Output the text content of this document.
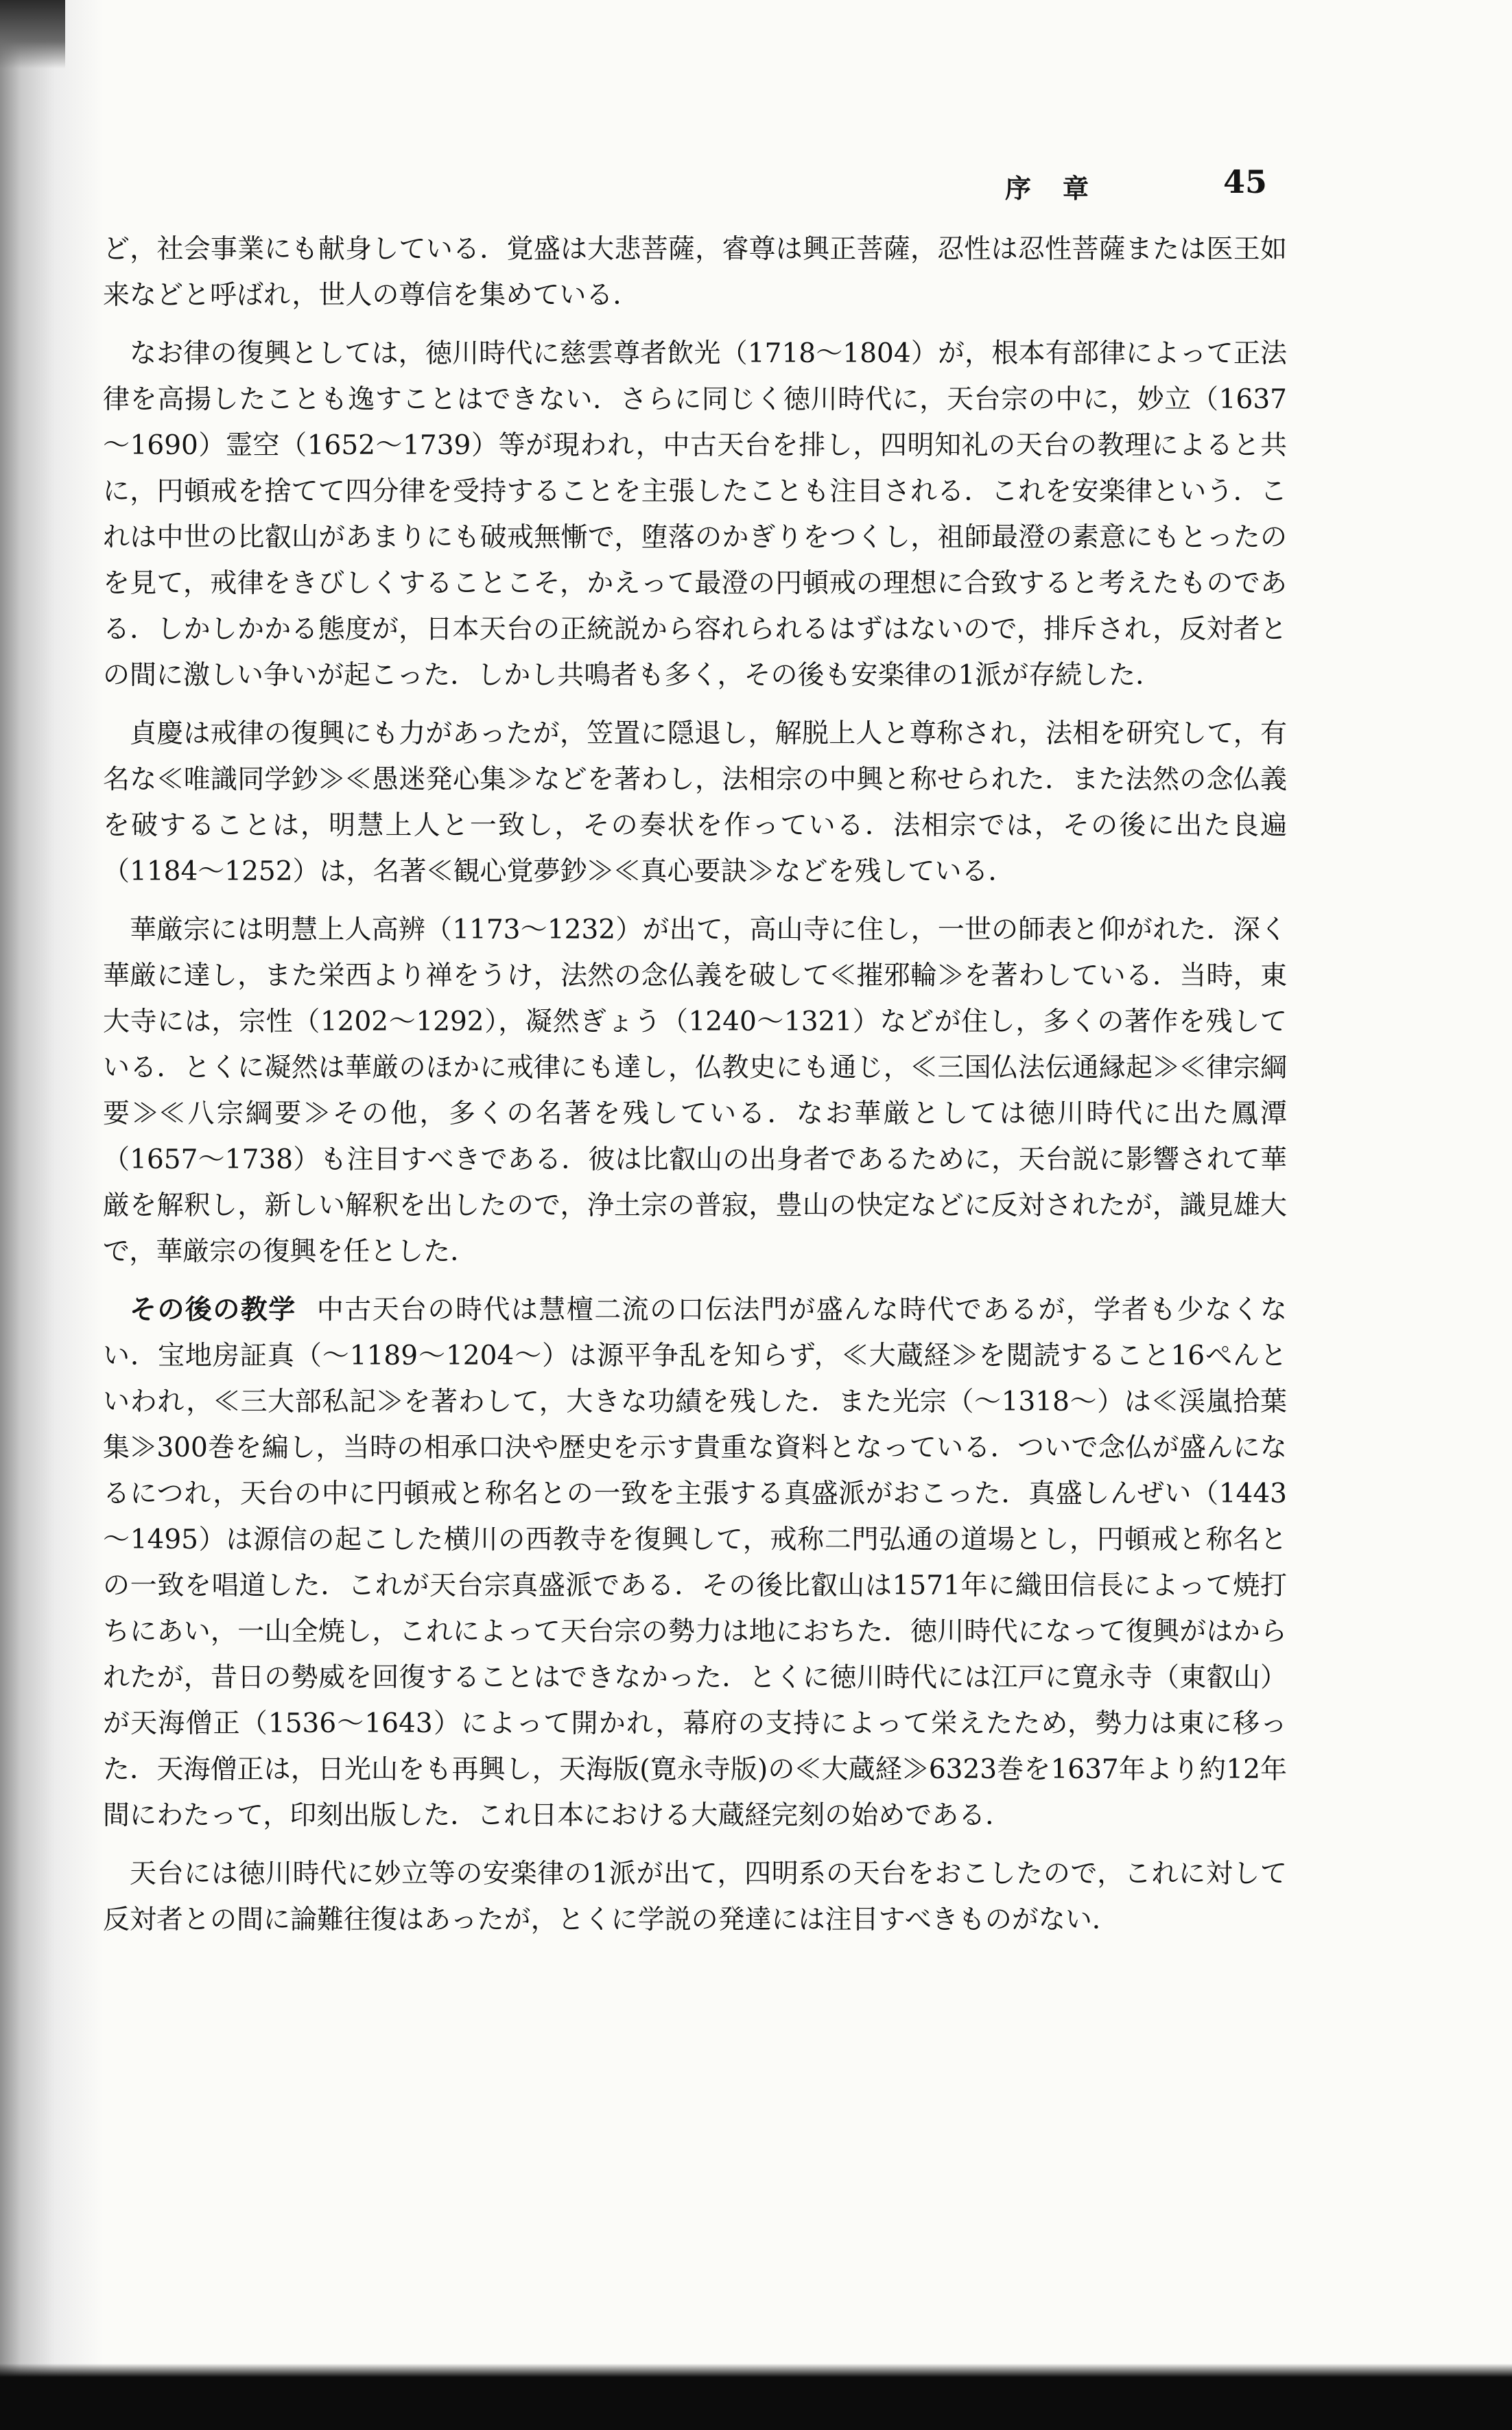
序章	45

ど，社会事業にも献身している．覚盛は大悲菩薩，睿尊は興正菩薩，忍性は忍性菩薩または医王如来などと呼ばれ，世人の尊信を集めている．

なお律の復興としては，徳川時代に慈雲尊者飲光（1718～1804）が，根本有部律によって正法律を高揚したことも逸すことはできない．さらに同じく徳川時代に，天台宗の中に，妙立（1637～1690）霊空（1652～1739）等が現われ，中古天台を排し，四明知礼の天台の教理によると共に，円頓戒を捨てて四分律を受持することを主張したことも注目される．これを安楽律という．これは中世の比叡山があまりにも破戒無慚で，堕落のかぎりをつくし，祖師最澄の素意にもとったのを見て，戒律をきびしくすることこそ，かえって最澄の円頓戒の理想に合致すると考えたものである．しかしかかる態度が，日本天台の正統説から容れられるはずはないので，排斥され，反対者との間に激しい争いが起こった．しかし共鳴者も多く，その後も安楽律の1派が存続した．

貞慶は戒律の復興にも力があったが，笠置に隠退し，解脱上人と尊称され，法相を研究して，有名な≪唯識同学鈔≫≪愚迷発心集≫などを著わし，法相宗の中興と称せられた．また法然の念仏義を破することは，明慧上人と一致し，その奏状を作っている．法相宗では，その後に出た良遍（1184～1252）は，名著≪観心覚夢鈔≫≪真心要訣≫などを残している．

華厳宗には明慧上人高辨（1173～1232）が出て，高山寺に住し，一世の師表と仰がれた．深く華厳に達し，また栄西より禅をうけ，法然の念仏義を破して≪摧邪輪≫を著わしている．当時，東大寺には，宗性（1202～1292），凝然ぎょう（1240～1321）などが住し，多くの著作を残している．とくに凝然は華厳のほかに戒律にも達し，仏教史にも通じ，≪三国仏法伝通縁起≫≪律宗綱要≫≪八宗綱要≫その他，多くの名著を残している．なお華厳としては徳川時代に出た鳳潭（1657～1738）も注目すべきである．彼は比叡山の出身者であるために，天台説に影響されて華厳を解釈し，新しい解釈を出したので，浄土宗の普寂，豊山の快定などに反対されたが，識見雄大で，華厳宗の復興を任とした．

その後の教学 中古天台の時代は慧檀二流の口伝法門が盛んな時代であるが，学者も少なくない．宝地房証真（～1189～1204～）は源平争乱を知らず，≪大蔵経≫を閲読すること16ぺんといわれ，≪三大部私記≫を著わして，大きな功績を残した．また光宗（～1318～）は≪渓嵐拾葉集≫300巻を編し，当時の相承口決や歴史を示す貴重な資料となっている．ついで念仏が盛んになるにつれ，天台の中に円頓戒と称名との一致を主張する真盛派がおこった．真盛しんぜい（1443～1495）は源信の起こした横川の西教寺を復興して，戒称二門弘通の道場とし，円頓戒と称名との一致を唱道した．これが天台宗真盛派である．その後比叡山は1571年に織田信長によって焼打ちにあい，一山全焼し，これによって天台宗の勢力は地におちた．徳川時代になって復興がはかられたが，昔日の勢威を回復することはできなかった．とくに徳川時代には江戸に寛永寺（東叡山）が天海僧正（1536～1643）によって開かれ，幕府の支持によって栄えたため，勢力は東に移った．天海僧正は，日光山をも再興し，天海版(寛永寺版)の≪大蔵経≫6323巻を1637年より約12年間にわたって，印刻出版した．これ日本における大蔵経完刻の始めである．

天台には徳川時代に妙立等の安楽律の1派が出て，四明系の天台をおこしたので，これに対して反対者との間に論難往復はあったが，とくに学説の発達には注目すべきものがない．
